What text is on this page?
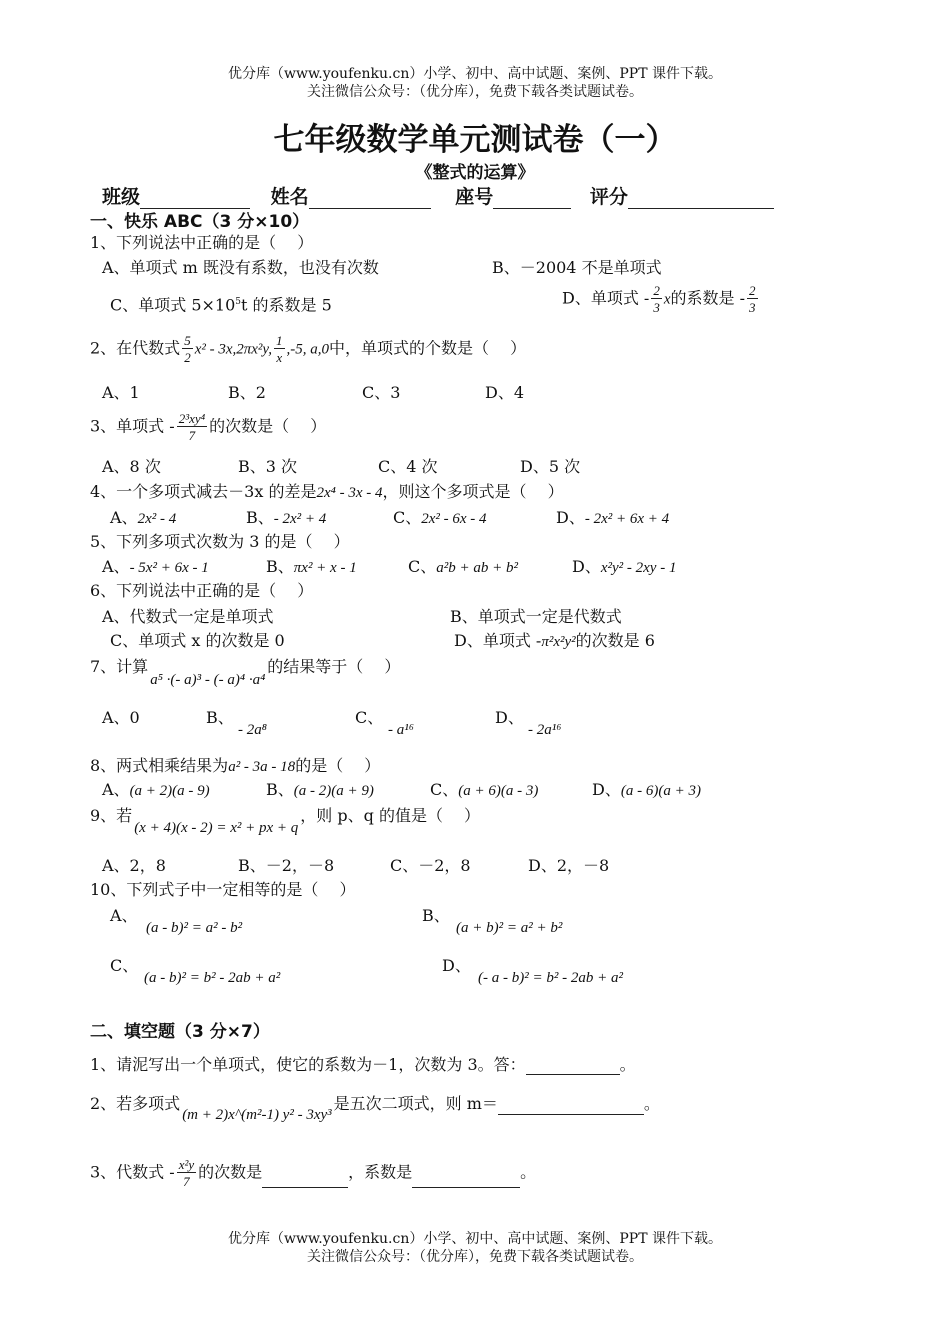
优分库（www.youfenku.cn）小学、初中、高中试题、案例、PPT 课件下载。
关注微信公众号：（优分库），免费下载各类试题试卷。
七年级数学单元测试卷（一）
《整式的运算》
班级	姓名	座号	评分
一、快乐 ABC（3 分×10）
1、下列说法中正确的是（　 ）
A、单项式 m 既没有系数，也没有次数	B、－2004 不是单项式
C、单项式 $5\times 10^5t$ 的系数是 5	D、单项式 - $\frac{2}{3}$ x的系数是 - $\frac{2}{3}$
2、在代数式 $\frac{5}{2} x^2 - 3x,2\pi x^2y$, $\frac{1}{x} ,-5$, a,0中，单项式的个数是（　 ）
A、1	B、2	C、3	D、4
3、单项式 - $\frac{\text{2³xy⁴}}{7}$ 的次数是（　 ）
A、8 次	B、3 次	C、4 次	D、5 次
4、一个多项式减去－3x 的差是2x⁴ - 3x - 4，则这个多项式是（　 ）
A、2x² - 4	B、- 2x² + 4	C、2x² - 6x - 4	D、- 2x² + 6x + 4
5、下列多项式次数为 3 的是（　 ）
A、- 5x² + 6x - 1	B、πx² + x - 1	C、a²b + ab + b²	D、x²y² - 2xy - 1
6、下列说法中正确的是（　 ）
A、代数式一定是单项式	B、单项式一定是代数式
C、单项式 x 的次数是 0	D、单项式 -π²x²y²的次数是 6
7、计算a⁵ ·(- a)³ - (- a)⁴ ·a⁴的结果等于（　 ）
A、0	B、
- 2a⁸
C、
- a¹⁶
D、
- 2a¹⁶
8、两式相乘结果为a² - 3a - 18的是（　 ）
A、(a + 2)(a - 9)	B、(a - 2)(a + 9)	C、(a + 6)(a - 3)	D、(a - 6)(a + 3)
9、若(x + 4)(x - 2) = x² + px + q，则 p、q 的值是（　 ）
A、2，8	B、－2，－8	C、－2，8	D、2，－8
10、下列式子中一定相等的是（　 ）
A、
(a - b)² = a² - b²
B、
(a + b)² = a² + b²
C、
(a - b)² = b² - 2ab + a²
D、
(- a - b)² = b² - 2ab + a²
二、填空题（3 分×7）
1、请泥写出一个单项式，使它的系数为－1，次数为 3。答：	。
2、若多项式(m + 2)x^(m²-1) y² - 3xy³是五次二项式，则 m＝	。
3、代数式 - $\frac{\text{x²y}}{7}$ 的次数是	，系数是	。
优分库（www.youfenku.cn）小学、初中、高中试题、案例、PPT 课件下载。
关注微信公众号：（优分库），免费下载各类试题试卷。
